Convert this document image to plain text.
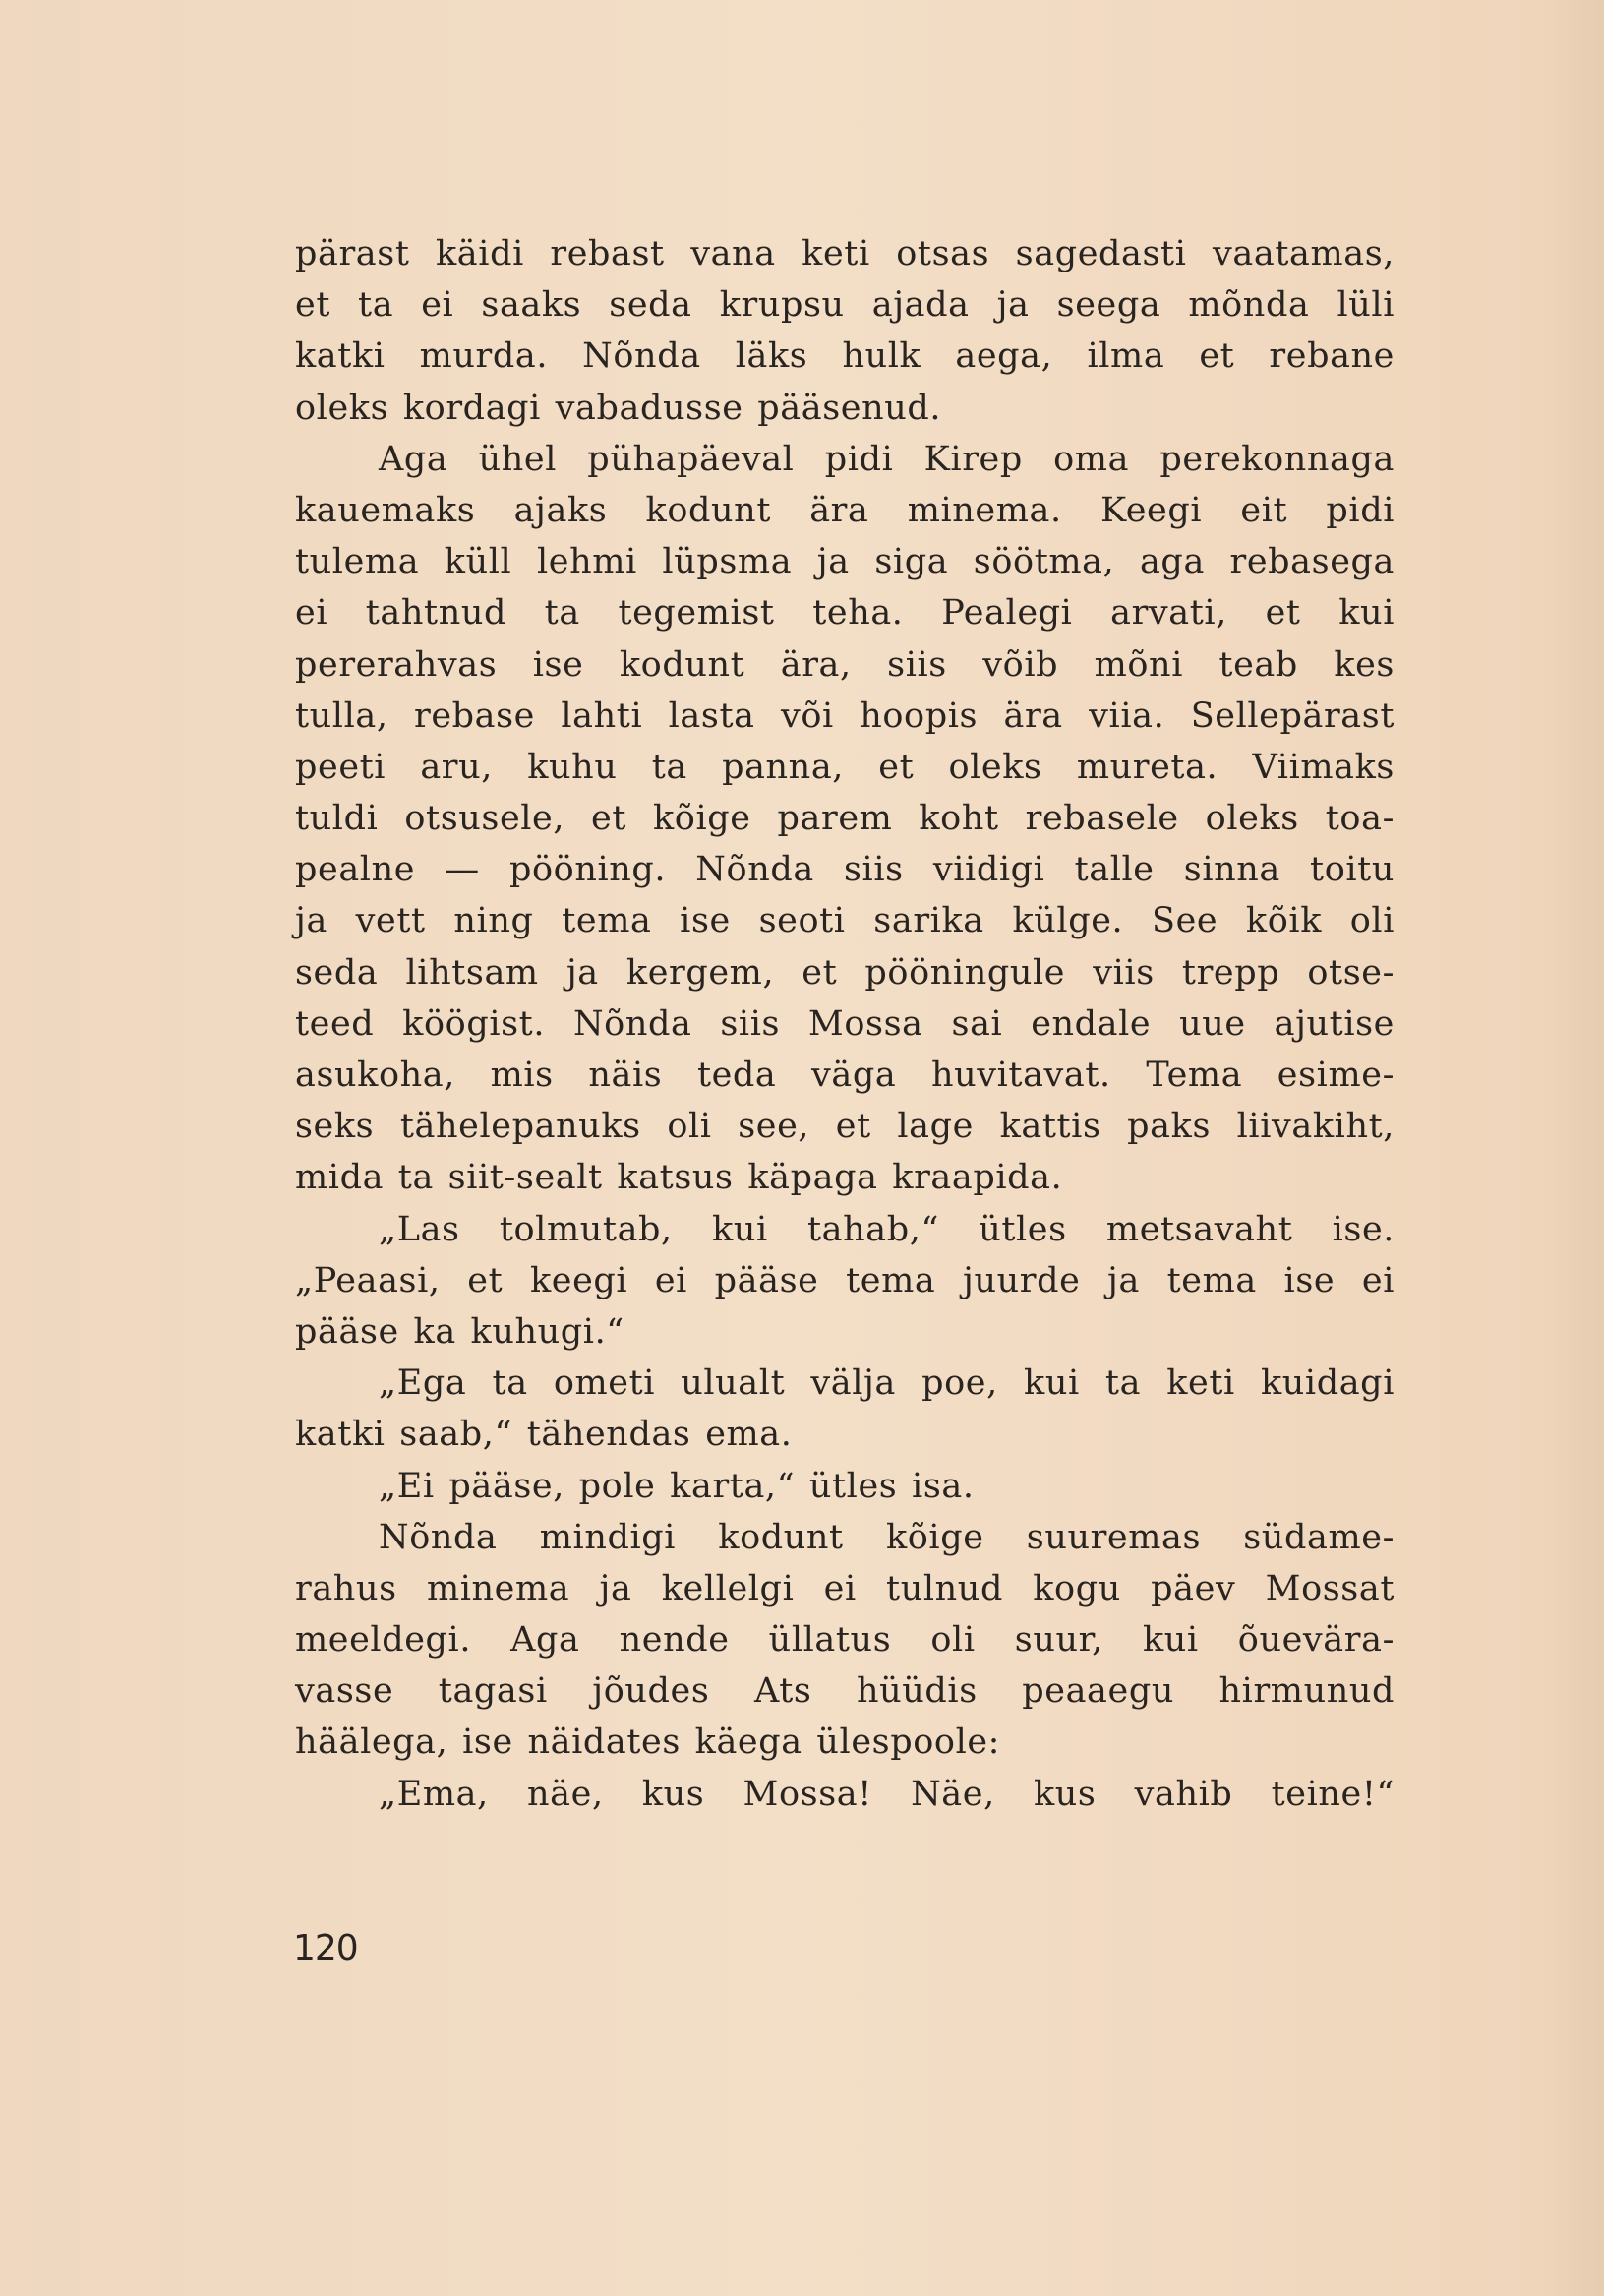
pärast käidi rebast vana keti otsas sagedasti vaatamas,
et ta ei saaks seda krupsu ajada ja seega mõnda lüli
katki murda. Nõnda läks hulk aega, ilma et rebane
oleks kordagi vabadusse pääsenud.
Aga ühel pühapäeval pidi Kirep oma perekonnaga
kauemaks ajaks kodunt ära minema. Keegi eit pidi
tulema küll lehmi lüpsma ja siga söötma, aga rebasega
ei tahtnud ta tegemist teha. Pealegi arvati, et kui
pererahvas ise kodunt ära, siis võib mõni teab kes
tulla, rebase lahti lasta või hoopis ära viia. Sellepärast
peeti aru, kuhu ta panna, et oleks mureta. Viimaks
tuldi otsusele, et kõige parem koht rebasele oleks toa-
pealne — pööning. Nõnda siis viidigi talle sinna toitu
ja vett ning tema ise seoti sarika külge. See kõik oli
seda lihtsam ja kergem, et pööningule viis trepp otse-
teed köögist. Nõnda siis Mossa sai endale uue ajutise
asukoha, mis näis teda väga huvitavat. Tema esime-
seks tähelepanuks oli see, et lage kattis paks liivakiht,
mida ta siit-sealt katsus käpaga kraapida.
„Las tolmutab, kui tahab,“ ütles metsavaht ise.
„Peaasi, et keegi ei pääse tema juurde ja tema ise ei
pääse ka kuhugi.“
„Ega ta ometi ulualt välja poe, kui ta keti kuidagi
katki saab,“ tähendas ema.
„Ei pääse, pole karta,“ ütles isa.
Nõnda mindigi kodunt kõige suuremas südame-
rahus minema ja kellelgi ei tulnud kogu päev Mossat
meeldegi. Aga nende üllatus oli suur, kui õuevära-
vasse tagasi jõudes Ats hüüdis peaaegu hirmunud
häälega, ise näidates käega ülespoole:
„Ema, näe, kus Mossa! Näe, kus vahib teine!“
120
